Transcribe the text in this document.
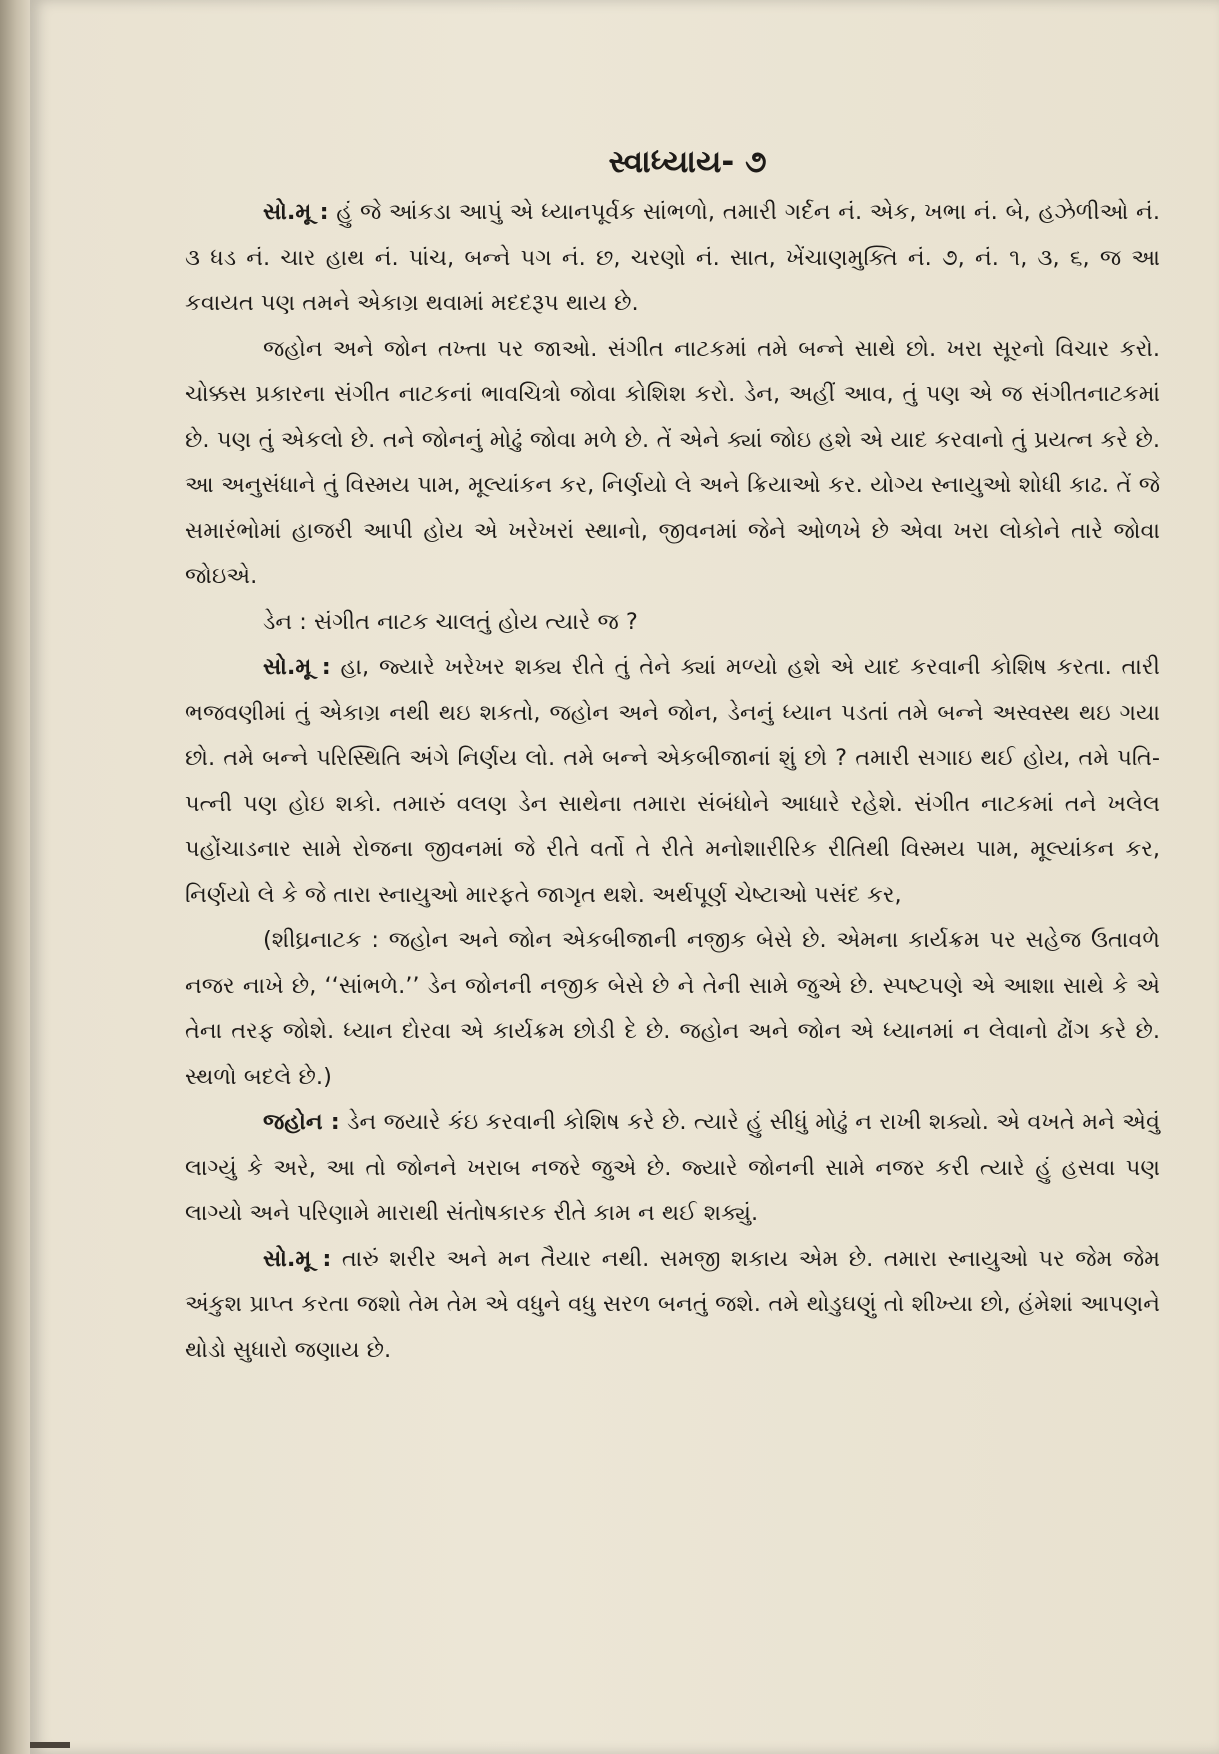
સ્વાધ્યાય- ૭

સો.મૂ : હું જે આંકડા આપું એ ધ્યાનપૂર્વક સાંભળો, તમારી ગર્દન નં. એક, ખભા નં. બે, હઝેળીઓ નં. ૩ ધડ નં. ચાર હાથ નં. પાંચ, બન્ને પગ નં. છ, ચરણો નં. સાત, ખેંચાણમુક્તિ નં. ૭, નં. ૧, ૩, ૬, જ આ કવાયત પણ તમને એકાગ્ર થવામાં મદદરૂપ થાય છે.

જહોન અને જોન તખ્તા પર જાઓ. સંગીત નાટકમાં તમે બન્ને સાથે છો. ખરા સૂરનો વિચાર કરો. ચોક્કસ પ્રકારના સંગીત નાટકનાં ભાવચિત્રો જોવા કોશિશ કરો. ડેન, અહીં આવ, તું પણ એ જ સંગીતનાટકમાં છે. પણ તું એકલો છે. તને જોનનું મોઢું જોવા મળે છે. તેં એને ક્યાં જોઇ હશે એ યાદ કરવાનો તું પ્રયત્ન કરે છે. આ અનુસંધાને તું વિસ્મય પામ, મૂલ્યાંકન કર, નિર્ણયો લે અને ક્રિયાઓ કર. યોગ્ય સ્નાયુઓ શોધી કાઢ. તેં જે સમારંભોમાં હાજરી આપી હોય એ ખરેખરાં સ્થાનો, જીવનમાં જેને ઓળખે છે એવા ખરા લોકોને તારે જોવા જોઇએ.

ડેન : સંગીત નાટક ચાલતું હોય ત્યારે જ ?

સો.મૂ : હા, જ્યારે ખરેખર શક્ય રીતે તું તેને ક્યાં મળ્યો હશે એ યાદ કરવાની કોશિષ કરતા. તારી ભજવણીમાં તું એકાગ્ર નથી થઇ શકતો, જહોન અને જોન, ડેનનું ધ્યાન પડતાં તમે બન્ને અસ્વસ્થ થઇ ગયા છો. તમે બન્ને પરિસ્થિતિ અંગે નિર્ણય લો. તમે બન્ને એકબીજાનાં શું છો ? તમારી સગાઇ થઈ હોય, તમે પતિ-પત્ની પણ હોઇ શકો. તમારું વલણ ડેન સાથેના તમારા સંબંધોને આધારે રહેશે. સંગીત નાટકમાં તને ખલેલ પહોંચાડનાર સામે રોજના જીવનમાં જે રીતે વર્તો તે રીતે મનોશારીરિક રીતિથી વિસ્મય પામ, મૂલ્યાંકન કર, નિર્ણયો લે કે જે તારા સ્નાયુઓ મારફતે જાગૃત થશે. અર્થપૂર્ણ ચેષ્ટાઓ પસંદ કર,

(શીઘ્રનાટક : જહોન અને જોન એકબીજાની નજીક બેસે છે. એમના કાર્યક્રમ પર સહેજ ઉતાવળે નજર નાખે છે, ‘‘સાંભળે.’’ ડેન જોનની નજીક બેસે છે ને તેની સામે જુએ છે. સ્પષ્ટપણે એ આશા સાથે કે એ તેના તરફ જોશે. ધ્યાન દોરવા એ કાર્યક્રમ છોડી દે છે. જહોન અને જોન એ ધ્યાનમાં ન લેવાનો ઢોંગ કરે છે. સ્થળો બદલે છે.)

જહોન : ડેન જયારે કંઇ કરવાની કોશિષ કરે છે. ત્યારે હું સીધું મોઢું ન રાખી શક્યો. એ વખતે મને એવું લાગ્યું કે અરે, આ તો જોનને ખરાબ નજરે જુએ છે. જ્યારે જોનની સામે નજર કરી ત્યારે હું હસવા પણ લાગ્યો અને પરિણામે મારાથી સંતોષકારક રીતે કામ ન થઈ શક્યું.

સો.મૂ : તારું શરીર અને મન તૈયાર નથી. સમજી શકાય એમ છે. તમારા સ્નાયુઓ પર જેમ જેમ અંકુશ પ્રાપ્ત કરતા જશો તેમ તેમ એ વધુને વધુ સરળ બનતું જશે. તમે થોડુઘણું તો શીખ્યા છો, હંમેશાં આપણને થોડો સુધારો જણાય છે.
